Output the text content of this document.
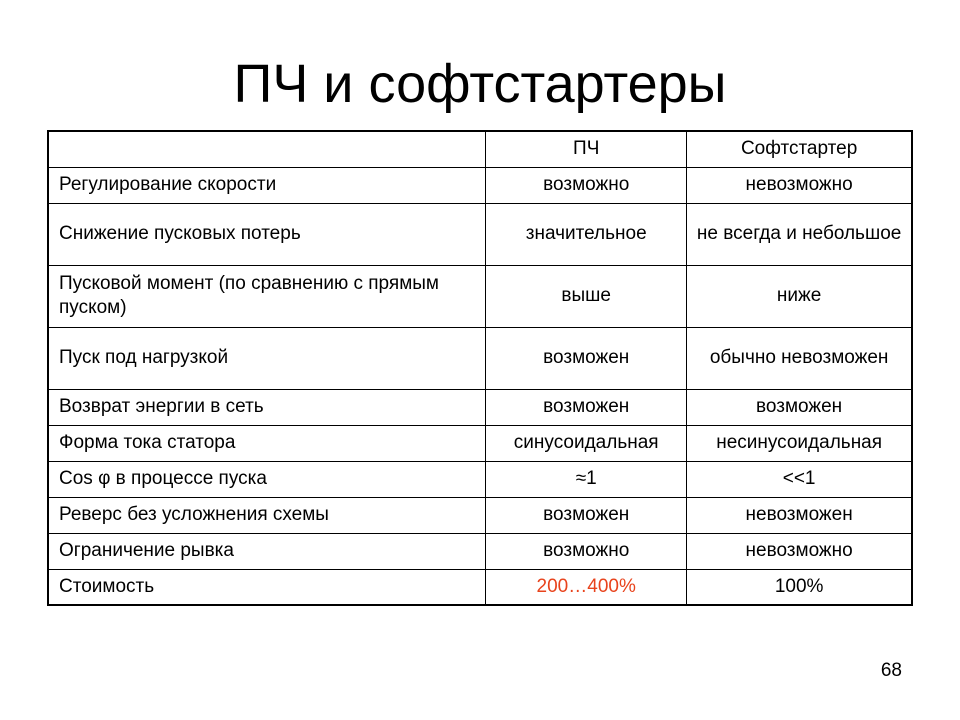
ПЧ и софтстартеры
	ПЧ	Софтстартер
Регулирование скорости	возможно	невозможно
Снижение пусковых потерь	значительное	не всегда и небольшое
Пусковой момент (по сравнению с прямым пуском)	выше	ниже
Пуск под нагрузкой	возможен	обычно невозможен
Возврат энергии в сеть	возможен	возможен
Форма тока статора	синусоидальная	несинусоидальная
Cos φ в процессе пуска	≈1	<<1
Реверс без усложнения схемы	возможен	невозможен
Ограничение рывка	возможно	невозможно
Стоимость	200…400%	100%
68
